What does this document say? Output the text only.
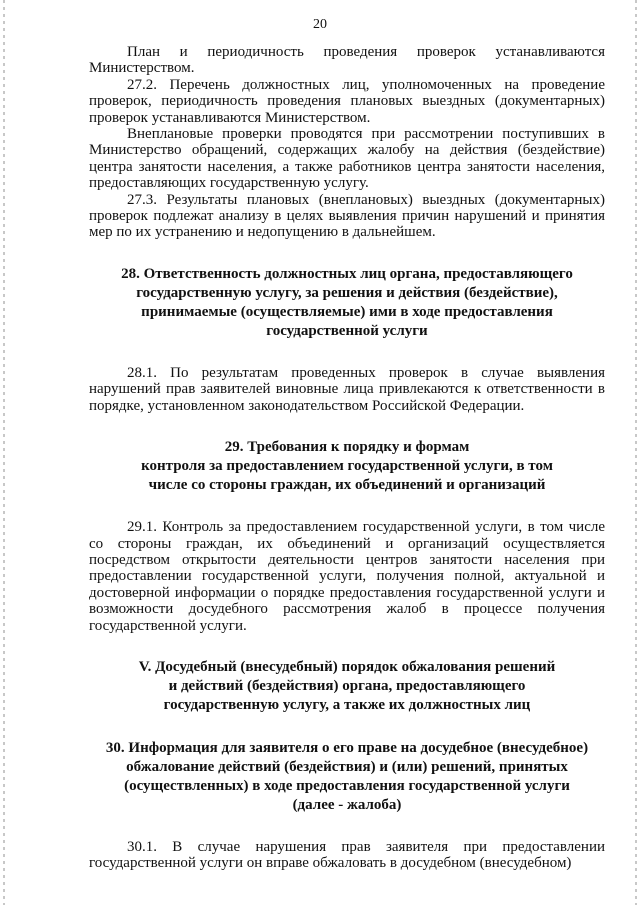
20

План и периодичность проведения проверок устанавливаются Министерством.

27.2. Перечень должностных лиц, уполномоченных на проведение проверок, периодичность проведения плановых выездных (документарных) проверок устанавливаются Министерством.

Внеплановые проверки проводятся при рассмотрении поступивших в Министерство обращений, содержащих жалобу на действия (бездействие) центра занятости населения, а также работников центра занятости населения, предоставляющих государственную услугу.

27.3. Результаты плановых (внеплановых) выездных (документарных) проверок подлежат анализу в целях выявления причин нарушений и принятия мер по их устранению и недопущению в дальнейшем.

28. Ответственность должностных лиц органа, предоставляющего
государственную услугу, за решения и действия (бездействие),
принимаемые (осуществляемые) ими в ходе предоставления
государственной услуги

28.1. По результатам проведенных проверок в случае выявления нарушений прав заявителей виновные лица привлекаются к ответственности в порядке, установленном законодательством Российской Федерации.

29. Требования к порядку и формам
контроля за предоставлением государственной услуги, в том
числе со стороны граждан, их объединений и организаций

29.1. Контроль за предоставлением государственной услуги, в том числе со стороны граждан, их объединений и организаций осуществляется посредством открытости деятельности центров занятости населения при предоставлении государственной услуги, получения полной, актуальной и достоверной информации о порядке предоставления государственной услуги и возможности досудебного рассмотрения жалоб в процессе получения государственной услуги.

V. Досудебный (внесудебный) порядок обжалования решений
и действий (бездействия) органа, предоставляющего
государственную услугу, а также их должностных лиц
30. Информация для заявителя о его праве на досудебное (внесудебное)
обжалование действий (бездействия) и (или) решений, принятых
(осуществленных) в ходе предоставления государственной услуги
(далее - жалоба)

30.1. В случае нарушения прав заявителя при предоставлении государственной услуги он вправе обжаловать в досудебном (внесудебном)
